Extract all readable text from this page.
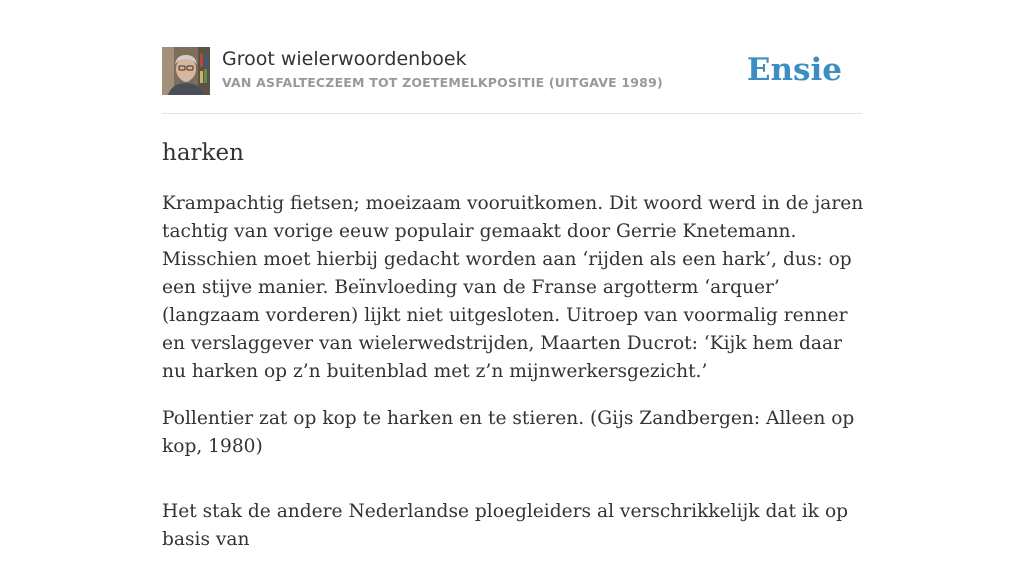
Groot wielerwoordenboek
VAN ASFALTECZEEM TOT ZOETEMELKPOSITIE (UITGAVE 1989)	Ensie
harken

Krampachtig fietsen; moeizaam vooruitkomen. Dit woord werd in de jaren tachtig van vorige eeuw populair gemaakt door Gerrie Knetemann. Misschien moet hierbij gedacht worden aan ‘rijden als een hark’, dus: op een stijve manier. Beïnvloeding van de Franse argotterm ‘arquer’ (langzaam vorderen) lijkt niet uitgesloten. Uitroep van voormalig renner en verslaggever van wielerwedstrijden, Maarten Ducrot: ‘Kijk hem daar nu harken op z’n buitenblad met z’n mijnwerkersgezicht.’

Pollentier zat op kop te harken en te stieren. (Gijs Zandbergen: Alleen op kop, 1980)

Het stak de andere Nederlandse ploegleiders al verschrikkelijk dat ik op basis van
